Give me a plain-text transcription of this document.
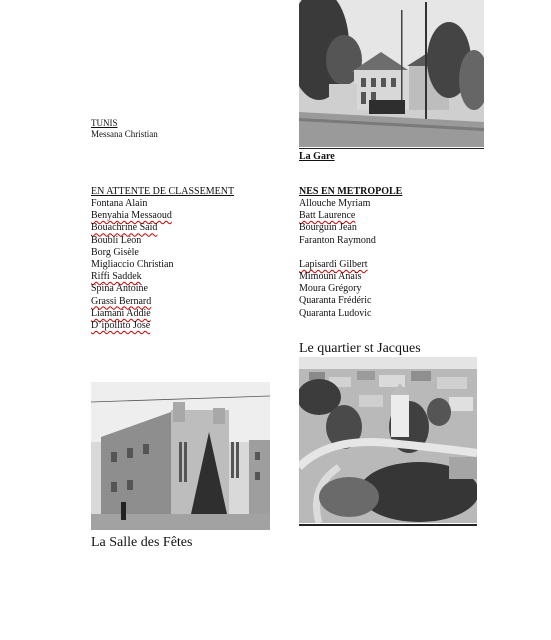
TUNIS
Messana Christian
La Gare
EN ATTENTE DE CLASSEMENT
Fontana Alain
Benyahia Messaoud
Bouachrine Saïd
Boubli Léon
Borg Gisèle
Migliaccio Christian
Riffi Saddek
Spina Antoine
Grassi Bernard
Liamani Addie
D’ipollito José
NES EN METROPOLE
Allouche Myriam
Batt Laurence
Bourguin Jean
Faranton Raymond
Lapisardi Gilbert
Mimouni Anaïs
Moura Grégory
Quaranta Frédéric
Quaranta Ludovic
Le quartier st Jacques
La Salle des Fêtes
